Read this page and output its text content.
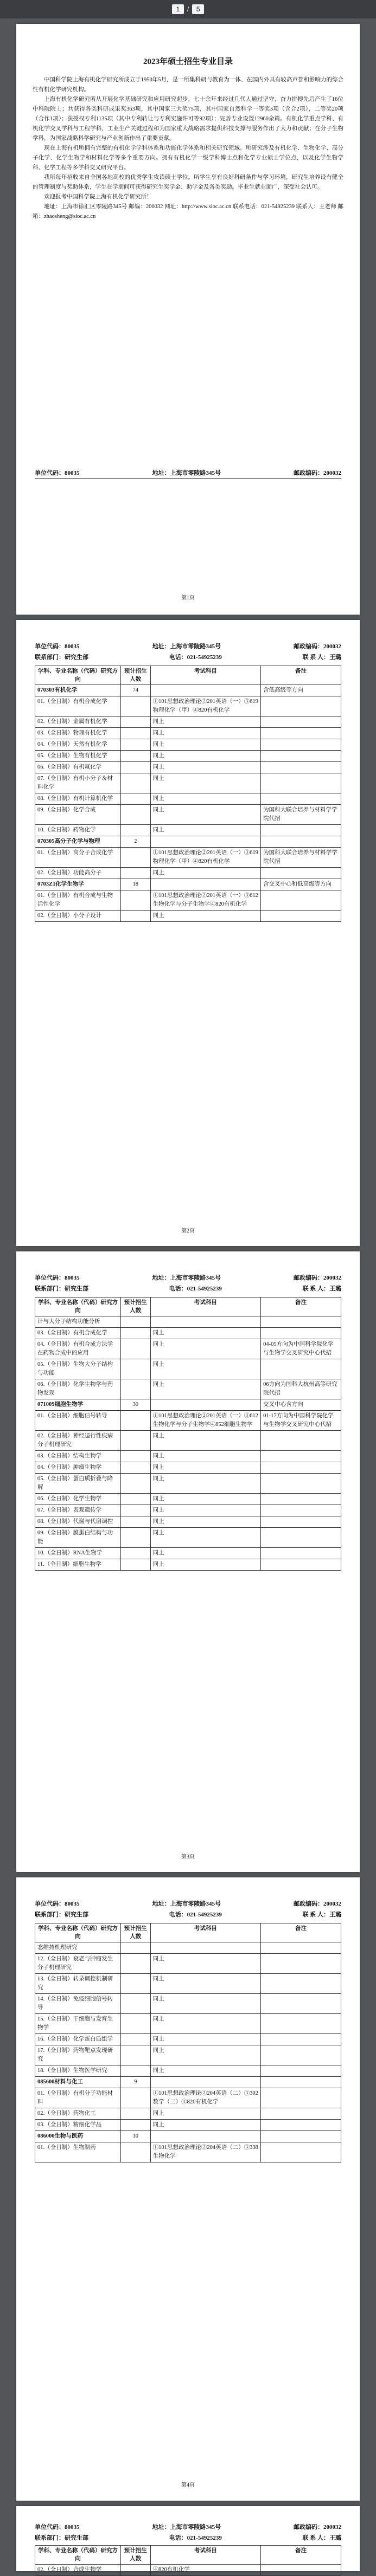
1	/	5
2023年硕士招生专业目录

中国科学院上海有机化学研究所成立于1950年5月，是一所集科研与教育为一体、在国内外具有较高声誉和影响力的综合性有机化学研究机构。

上海有机化学研究所从开展化学基础研究和应用研究起步，七十余年来经过几代人通过坚守，奋力拼搏先后产生了16位中科院院士；共获得各类科研成果奖363项，其中国家三大奖75项，其中国家自然科学一等奖3项（含合2项），二等奖20项（合作1项）；获授权专利1135项（其中专利转让与专利实施许可等92项）；完善专业设置12960余篇。有机化学重点学科、有机化学交叉学科与工程学科，工业生产关键过程和为国家重大战略需求提供科技支撑与服务作出了大力和贡献；在分子生物学科，为国家战略科学研究与产业创新作出了重要贡献。

现在上海有机所拥有完整的有机化学学科体系和功能化学体系和相关研究领域。所研究涉及有机化学、生物化学、高分子化学、化学生物学和材料化学等多个重要方向。拥有有机化学一级学科博士点和化学专业硕士学位点，以及化学生物学科、化学工程等多学科交叉研究平台。

我所每年招收来自全国各地高校的优秀学生攻读硕士学位。所学生享有良好科研条件与学习环境，研究生培养设有健全的管理制度与奖助体系，学生在学期间可获得研究生奖学金、助学金及各类奖励。毕业生就业面广，深受社会认可。

欢迎报考中国科学院上海有机化学研究所！

地址：上海市徐汇区零陵路345号 邮编：200032 网址：http://www.sioc.ac.cn 联系电话：021-54925239 联系人：王老师 邮箱：zhaosheng@sioc.ac.cn

单位代码：80035	地址：上海市零陵路345号	邮政编码：200032
第1页
单位代码：80035	地址：上海市零陵路345号	邮政编码：200032
联系部门：研究生部	电话：021-54925239	联 系 人：王璐
学科、专业名称（代码）研究方向	预计招生人数	考试科目	备注
070303有机化学	74		含低高级等方向
01.（全日制）有机合成化学		①101思想政治理论②201英语（一）③619物理化学（甲）④820有机化学	
02.（全日制）金属有机化学		同上	
03.（全日制）物理有机化学		同上	
04.（全日制）天然有机化学		同上	
05.（全日制）生物有机化学		同上	
06.（全日制）有机氟化学		同上	
07.（全日制）有机小分子＆材料化学		同上	
08.（全日制）有机计算机化学		同上	
09.（全日制）化学合成		同上	为国科大联合培养与材料学学院代招
10.（全日制）药物化学		同上	
070305高分子化学与物理	2		
01.（全日制）高分子合成化学		①101思想政治理论②201英语（一）③619物理化学（甲）④820有机化学	为国科大联合培养与材料学学院代招
02.（全日制）功能高分子		同上	
0703Z1化学生物学	18		含交叉中心和低高级等方向
01.（全日制）有机合成与生物活性化学		①101思想政治理论②201英语（一）③612生物化学与分子生物学④820有机化学	
02.（全日制）小分子设计		同上	
第2页
单位代码：80035	地址：上海市零陵路345号	邮政编码：200032
联系部门：研究生部	电话：021-54925239	联 系 人：王璐
学科、专业名称（代码）研究方向	预计招生人数	考试科目	备注
计与大分子结构功能分析			
03.（全日制）有机合成化学		同上	
04.（全日制）有机合成方法学在药物合成中的应用		同上	04-05方向为中国科学院化学与生物学交叉研究中心代招
05.（全日制）生物大分子结构与功能		同上	
06.（全日制）化学生物学与药物发现		同上	06方向为国科大杭州高等研究院代招
071009细胞生物学	30		交叉中心含方向
01.（全日制）细胞信号转导		①101思想政治理论②201英语（一）③612生物化学与分子生物学④852细胞生物学	01-17方向为中国科学院化学与生物学交叉研究中心代招
02.（全日制）神经退行性疾病分子机理研究		同上	
03.（全日制）结构生物学		同上	
04.（全日制）肿瘤生物学		同上	
05.（全日制）蛋白质折叠与降解		同上	
06.（全日制）化学生物学		同上	
07.（全日制）表观遗传学		同上	
08.（全日制）代谢与代谢调控		同上	
09.（全日制）膜蛋白结构与功能		同上	
10.（全日制）RNA生物学		同上	
11.（全日制）细胞生物学		同上	
第3页
单位代码：80035	地址：上海市零陵路345号	邮政编码：200032
联系部门：研究生部	电话：021-54925239	联 系 人：王璐
学科、专业名称（代码）研究方向	预计招生人数	考试科目	备注
态维持机理研究			
12.（全日制）衰老与肿瘤发生分子机理研究		同上	
13.（全日制）转录调控机制研究		同上	
14.（全日制）免疫细胞信号转导		同上	
15.（全日制）干细胞与发育生物学		同上	
16.（全日制）化学蛋白质组学		同上	
17.（全日制）药物靶点发现研究		同上	
18.（全日制）生物医学研究		同上	
085600材料与化工	9		
01.（全日制）有机分子功能材料		①101思想政治理论②204英语（二）③302数学（二）④820有机化学	
02.（全日制）药物化工		同上	
03.（全日制）精细化学品		同上	
086000生物与医药	10		
01.（全日制）生物制药		①101思想政治理论②204英语（二）③338生物化学	
第4页
单位代码：80035	地址：上海市零陵路345号	邮政编码：200032
联系部门：研究生部	电话：021-54925239	联 系 人：王璐
学科、专业名称（代码）研究方向	预计招生人数	考试科目	备注
02.（全日制）合成生物学		④820有机化学	
